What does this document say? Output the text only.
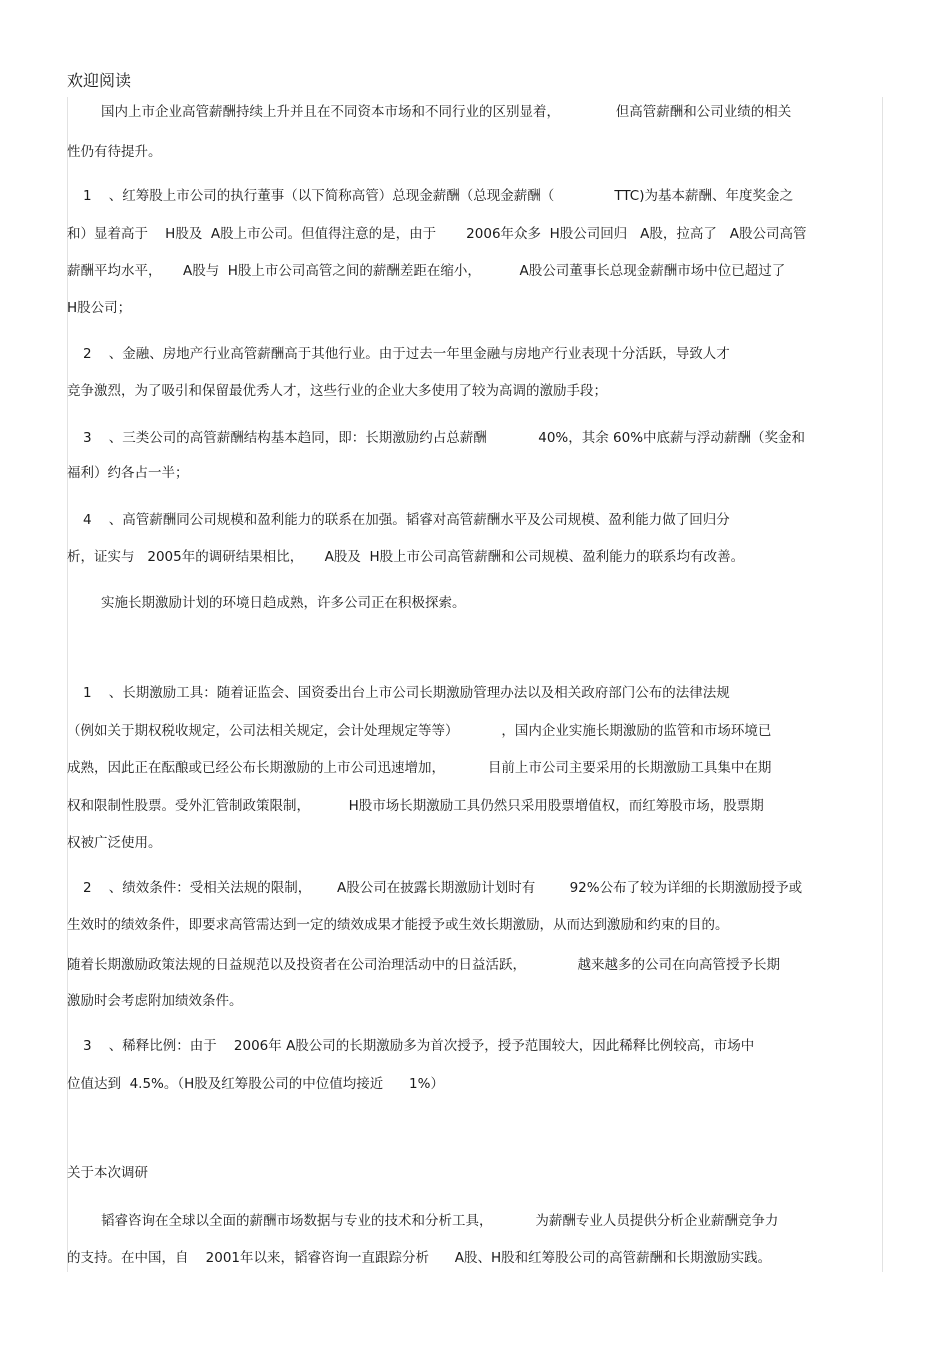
欢迎阅读
国内上市企业高管薪酬持续上升并且在不同资本市场和不同行业的区别显着，             但高管薪酬和公司业绩的相关
性仍有待提升。
1    、红筹股上市公司的执行董事（以下简称高管）总现金薪酬（总现金薪酬（              TTC)为基本薪酬、年度奖金之
和）显着高于    H股及  A股上市公司。但值得注意的是，由于       2006年众多  H股公司回归   A股，拉高了   A股公司高管
薪酬平均水平，     A股与  H股上市公司高管之间的薪酬差距在缩小，         A股公司董事长总现金薪酬市场中位已超过了
H股公司；
2    、金融、房地产行业高管薪酬高于其他行业。由于过去一年里金融与房地产行业表现十分活跃，导致人才
竞争激烈，为了吸引和保留最优秀人才，这些行业的企业大多使用了较为高调的激励手段；
3    、三类公司的高管薪酬结构基本趋同，即：长期激励约占总薪酬            40%，其余 60%中底薪与浮动薪酬（奖金和
福利）约各占一半；
4    、高管薪酬同公司规模和盈利能力的联系在加强。韬睿对高管薪酬水平及公司规模、盈利能力做了回归分
析，证实与   2005年的调研结果相比，     A股及  H股上市公司高管薪酬和公司规模、盈利能力的联系均有改善。
实施长期激励计划的环境日趋成熟，许多公司正在积极探索。
1    、长期激励工具：随着证监会、国资委出台上市公司长期激励管理办法以及相关政府部门公布的法律法规
（例如关于期权税收规定，公司法相关规定，会计处理规定等等）          ，国内企业实施长期激励的监管和市场环境已
成熟，因此正在酝酿或已经公布长期激励的上市公司迅速增加，          目前上市公司主要采用的长期激励工具集中在期
权和限制性股票。受外汇管制政策限制，         H股市场长期激励工具仍然只采用股票增值权，而红筹股市场，股票期
权被广泛使用。
2    、绩效条件：受相关法规的限制，      A股公司在披露长期激励计划时有        92%公布了较为详细的长期激励授予或
生效时的绩效条件，即要求高管需达到一定的绩效成果才能授予或生效长期激励，从而达到激励和约束的目的。
随着长期激励政策法规的日益规范以及投资者在公司治理活动中的日益活跃，            越来越多的公司在向高管授予长期
激励时会考虑附加绩效条件。
3    、稀释比例：由于    2006年 A股公司的长期激励多为首次授予，授予范围较大，因此稀释比例较高，市场中
位值达到  4.5%。（H股及红筹股公司的中位值均接近      1%）
关于本次调研
韬睿咨询在全球以全面的薪酬市场数据与专业的技术和分析工具，          为薪酬专业人员提供分析企业薪酬竞争力
的支持。在中国，自    2001年以来，韬睿咨询一直跟踪分析      A股、H股和红筹股公司的高管薪酬和长期激励实践。
